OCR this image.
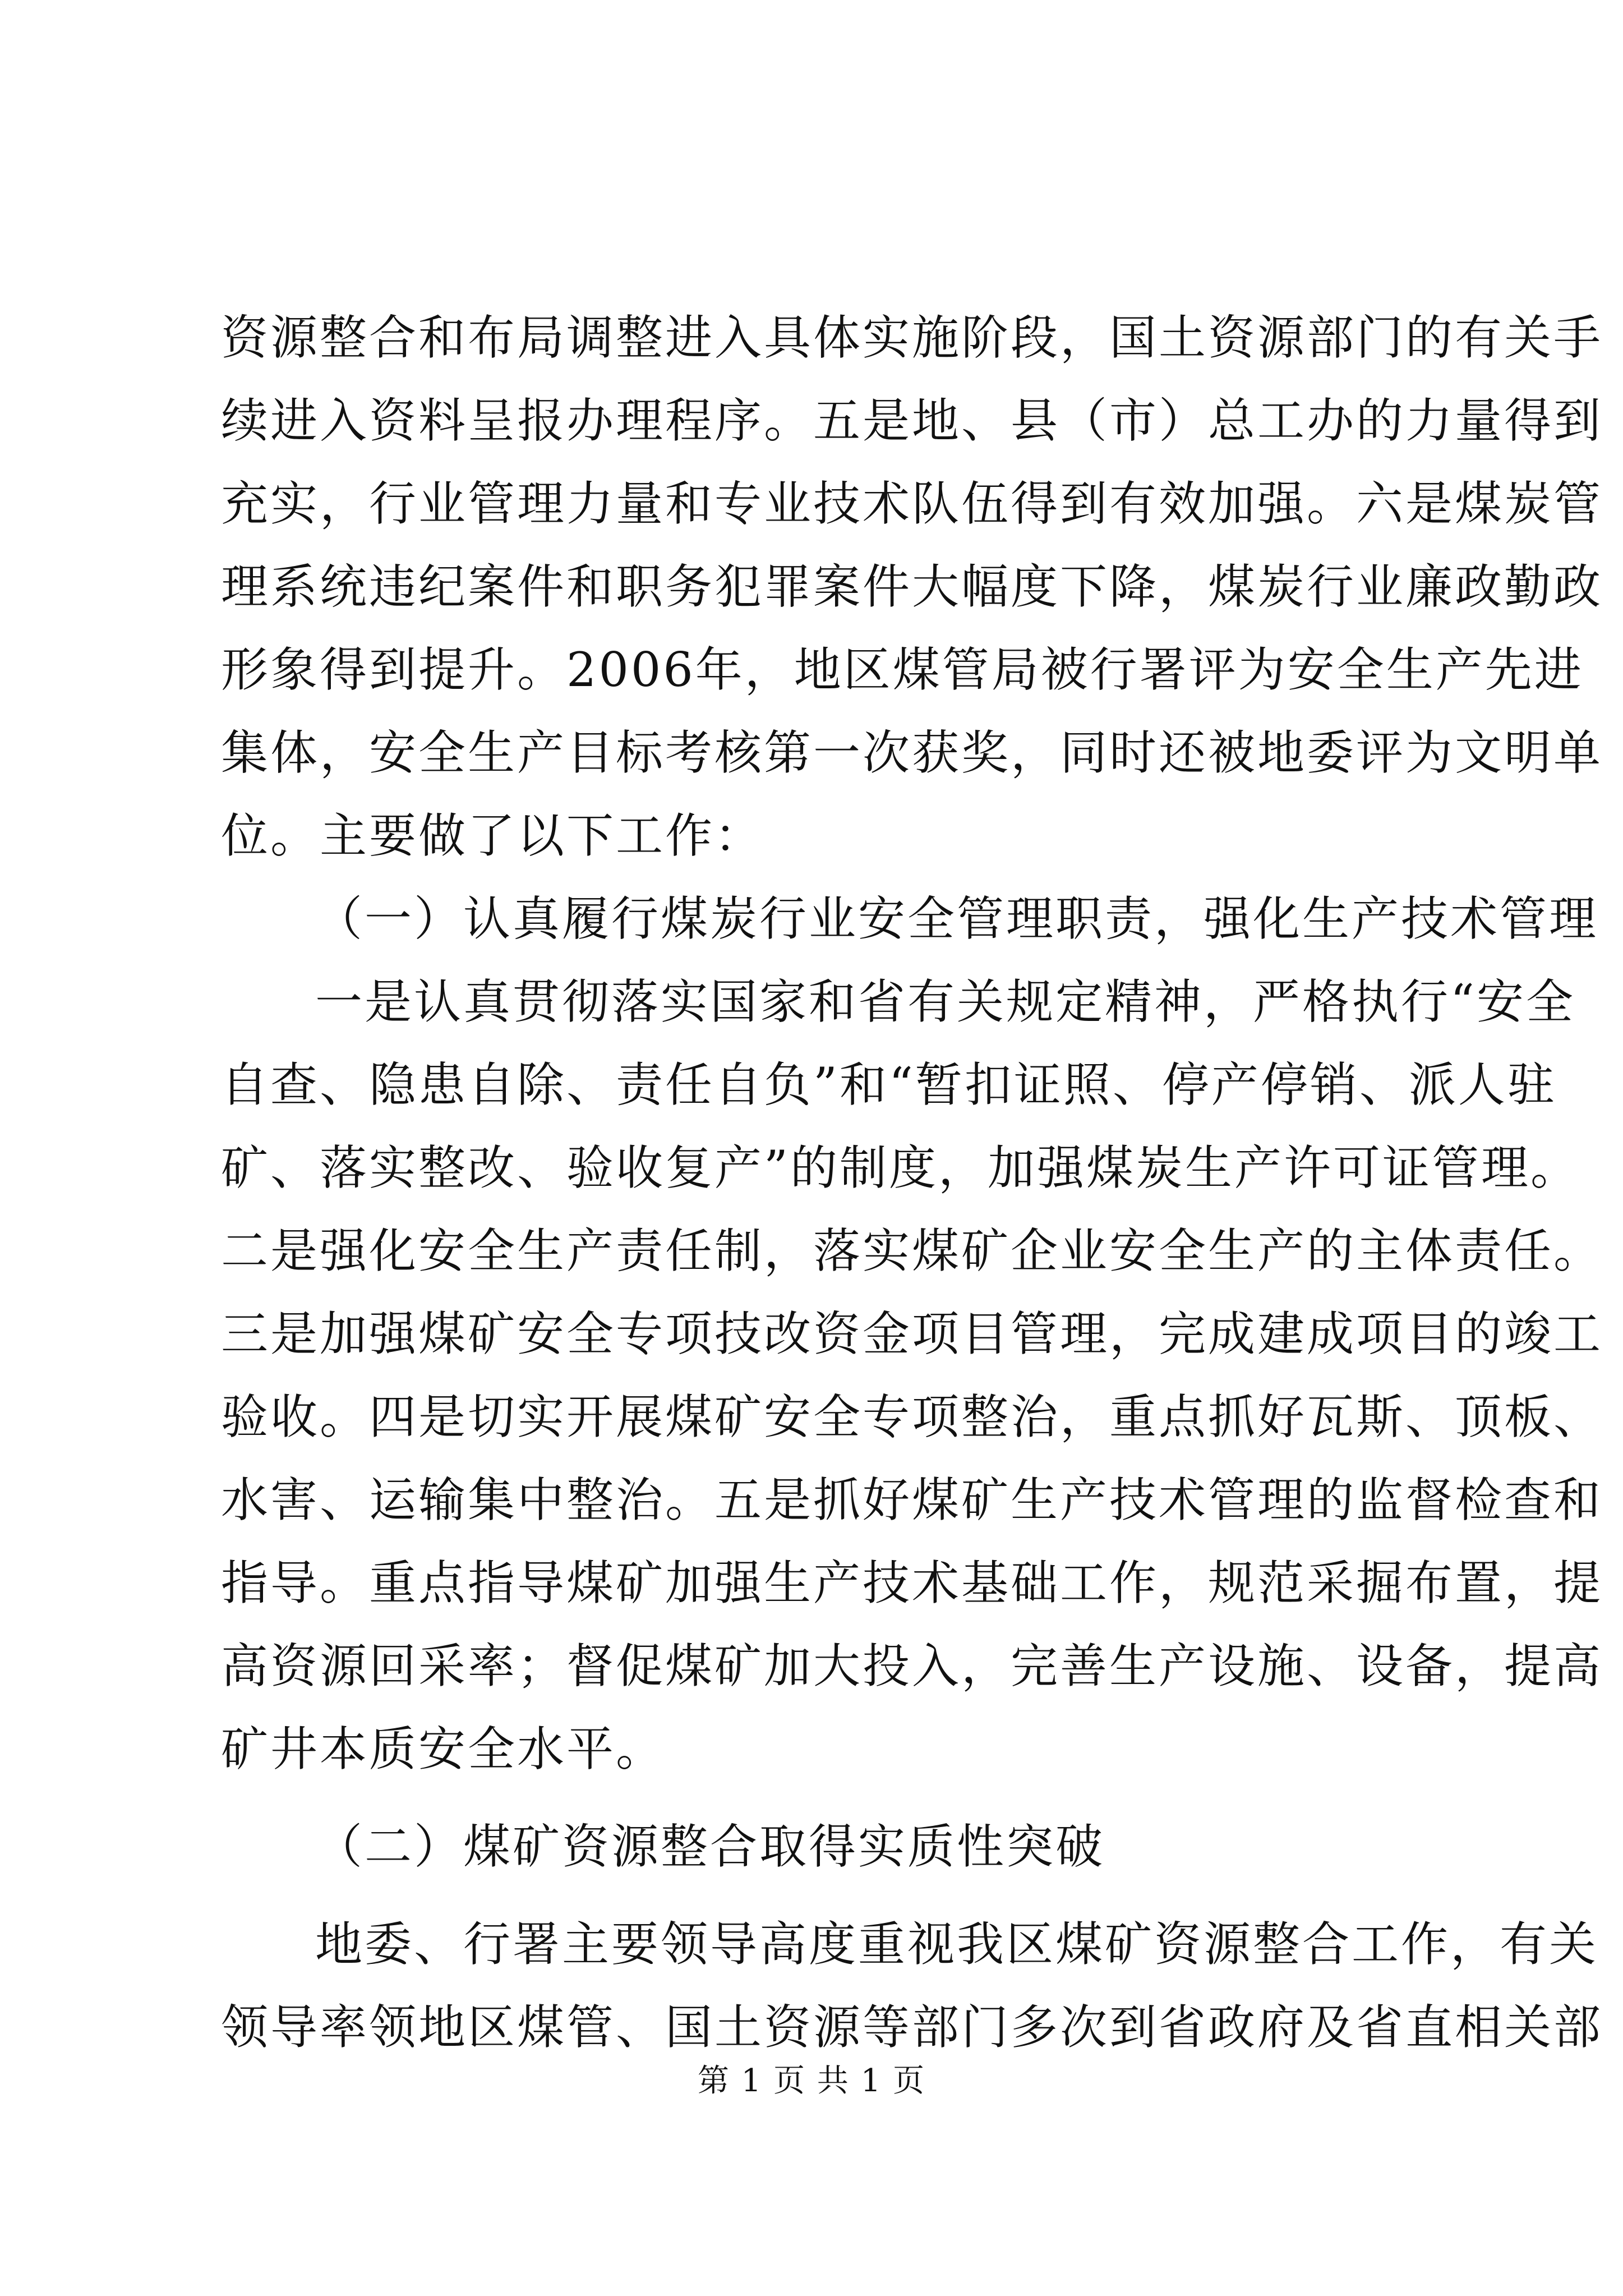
资源整合和布局调整进入具体实施阶段，国土资源部门的有关手
续进入资料呈报办理程序。五是地、县（市）总工办的力量得到
充实，行业管理力量和专业技术队伍得到有效加强。六是煤炭管
理系统违纪案件和职务犯罪案件大幅度下降，煤炭行业廉政勤政
形象得到提升。2006年，地区煤管局被行署评为安全生产先进
集体，安全生产目标考核第一次获奖，同时还被地委评为文明单
位。主要做了以下工作：
（一）认真履行煤炭行业安全管理职责，强化生产技术管理
一是认真贯彻落实国家和省有关规定精神，严格执行“安全
自查、隐患自除、责任自负”和“暂扣证照、停产停销、派人驻
矿、落实整改、验收复产”的制度，加强煤炭生产许可证管理。
二是强化安全生产责任制，落实煤矿企业安全生产的主体责任。
三是加强煤矿安全专项技改资金项目管理，完成建成项目的竣工
验收。四是切实开展煤矿安全专项整治，重点抓好瓦斯、顶板、
水害、运输集中整治。五是抓好煤矿生产技术管理的监督检查和
指导。重点指导煤矿加强生产技术基础工作，规范采掘布置，提
高资源回采率；督促煤矿加大投入，完善生产设施、设备，提高
矿井本质安全水平。
（二）煤矿资源整合取得实质性突破
地委、行署主要领导高度重视我区煤矿资源整合工作，有关
领导率领地区煤管、国土资源等部门多次到省政府及省直相关部
第 1 页 共 1 页
